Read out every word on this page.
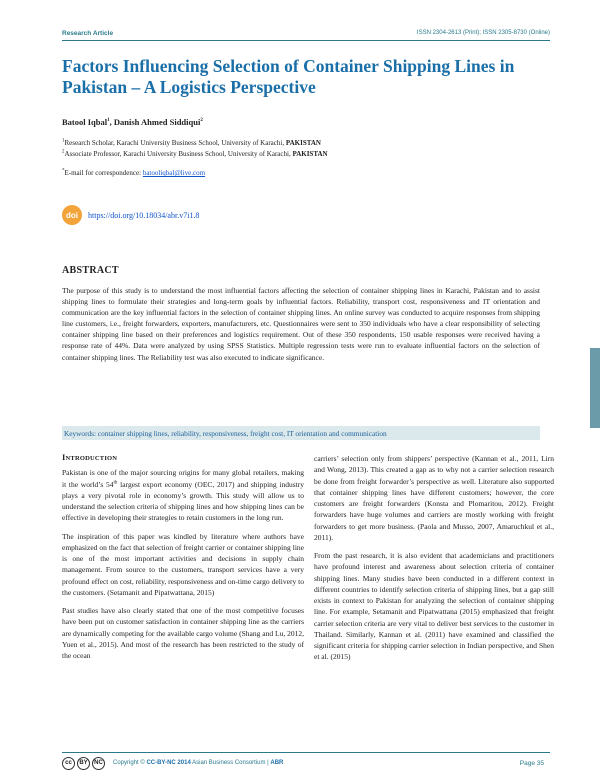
Research Article	ISSN 2304-2613 (Print); ISSN 2305-8730 (Online)
Factors Influencing Selection of Container Shipping Lines in Pakistan – A Logistics Perspective
Batool Iqbal$^1$, Danish Ahmed Siddiqui$^2$
$^1$Research Scholar, Karachi University Business School, University of Karachi, PAKISTAN
$^2$Associate Professor, Karachi University Business School, University of Karachi, PAKISTAN
*E-mail for correspondence: batooliqbal@live.com
doi	https://doi.org/10.18034/abr.v7i1.8
ABSTRACT
The purpose of this study is to understand the most influential factors affecting the selection of container shipping lines in Karachi, Pakistan and to assist shipping lines to formulate their strategies and long-term goals by influential factors. Reliability, transport cost, responsiveness and IT orientation and communication are the key influential factors in the selection of container shipping lines. An online survey was conducted to acquire responses from shipping line customers, i.e., freight forwarders, exporters, manufacturers, etc. Questionnaires were sent to 350 individuals who have a clear responsibility of selecting container shipping line based on their preferences and logistics requirement. Out of these 350 respondents, 150 usable responses were received having a response rate of 44%. Data were analyzed by using SPSS Statistics. Multiple regression tests were run to evaluate influential factors on the selection of container shipping lines. The Reliability test was also executed to indicate significance.
Keywords: container shipping lines, reliability, responsiveness, freight cost, IT orientation and communication
INTRODUCTION

Pakistan is one of the major sourcing origins for many global retailers, making it the world’s 54th largest export economy (OEC, 2017) and shipping industry plays a very pivotal role in economy’s growth. This study will allow us to understand the selection criteria of shipping lines and how shipping lines can be effective in developing their strategies to retain customers in the long run.

The inspiration of this paper was kindled by literature where authors have emphasized on the fact that selection of freight carrier or container shipping line is one of the most important activities and decisions in supply chain management. From source to the customers, transport services have a very profound effect on cost, reliability, responsiveness and on-time cargo delivery to the customers. (Setamanit and Pipatwattana, 2015)

Past studies have also clearly stated that one of the most competitive focuses have been put on customer satisfaction in container shipping line as the carriers are dynamically competing for the available cargo volume (Shang and Lu, 2012, Yuen et al., 2015). And most of the research has been restricted to the study of the ocean

carriers’ selection only from shippers’ perspective (Kannan et al., 2011, Lirn and Wong, 2013). This created a gap as to why not a carrier selection research be done from freight forwarder’s perspective as well. Literature also supported that container shipping lines have different customers; however, the core customers are freight forwarders (Konsta and Plomaritou, 2012). Freight forwarders have huge volumes and carriers are mostly working with freight forwarders to get more business. (Paola and Musso, 2007, Amaruchkul et al., 2011).

From the past research, it is also evident that academicians and practitioners have profound interest and awareness about selection criteria of container shipping lines. Many studies have been conducted in a different context in different countries to identify selection criteria of shipping lines, but a gap still exists in context to Pakistan for analyzing the selection of container shipping line. For example, Setamanit and Pipatwattana (2015) emphasized that freight carrier selection criteria are very vital to deliver best services to the customer in Thailand. Similarly, Kannan et al. (2011) have examined and classified the significant criteria for shipping carrier selection in Indian perspective, and Shen et al. (2015)

cc	BY	NC	Copyright © CC-BY-NC 2014 Asian Business Consortium | ABR	Page 35
